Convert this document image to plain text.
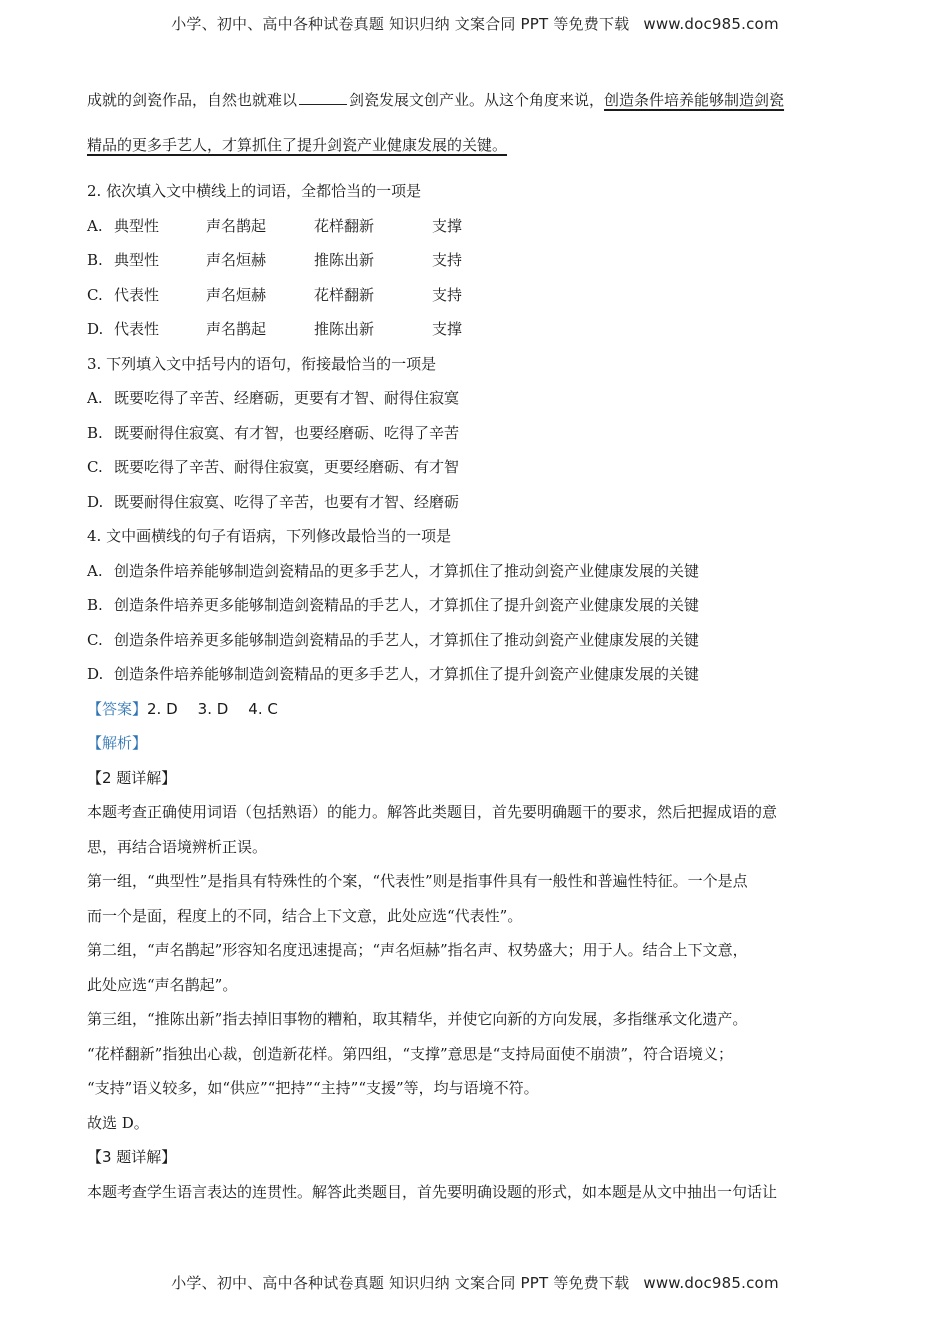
小学、初中、高中各种试卷真题 知识归纳 文案合同 PPT 等免费下载 www.doc985.com
成就的剑瓷作品，自然也就难以	剑瓷发展文创产业。从这个角度来说，创造条件培养能够制造剑瓷
精品的更多手艺人，才算抓住了提升剑瓷产业健康发展的关键。
2. 依次填入文中横线上的词语，全都恰当的一项是
A. 典型性	声名鹊起	花样翻新	支撑
B. 典型性	声名烜赫	推陈出新	支持
C. 代表性	声名烜赫	花样翻新	支持
D. 代表性	声名鹊起	推陈出新	支撑
3. 下列填入文中括号内的语句，衔接最恰当的一项是
A. 既要吃得了辛苦、经磨砺，更要有才智、耐得住寂寞
B. 既要耐得住寂寞、有才智，也要经磨砺、吃得了辛苦
C. 既要吃得了辛苦、耐得住寂寞，更要经磨砺、有才智
D. 既要耐得住寂寞、吃得了辛苦，也要有才智、经磨砺
4. 文中画横线的句子有语病，下列修改最恰当的一项是
A. 创造条件培养能够制造剑瓷精品的更多手艺人，才算抓住了推动剑瓷产业健康发展的关键
B. 创造条件培养更多能够制造剑瓷精品的手艺人，才算抓住了提升剑瓷产业健康发展的关键
C. 创造条件培养更多能够制造剑瓷精品的手艺人，才算抓住了推动剑瓷产业健康发展的关键
D. 创造条件培养能够制造剑瓷精品的更多手艺人，才算抓住了提升剑瓷产业健康发展的关键
【答案】2. D 3. D 4. C
【解析】
【2 题详解】
本题考查正确使用词语（包括熟语）的能力。解答此类题目，首先要明确题干的要求，然后把握成语的意
思，再结合语境辨析正误。
第一组，“典型性”是指具有特殊性的个案，“代表性”则是指事件具有一般性和普遍性特征。一个是点
而一个是面，程度上的不同，结合上下文意，此处应选“代表性”。
第二组，“声名鹊起”形容知名度迅速提高；“声名烜赫”指名声、权势盛大；用于人。结合上下文意，
此处应选“声名鹊起”。
第三组，“推陈出新”指去掉旧事物的糟粕，取其精华，并使它向新的方向发展，多指继承文化遗产。
“花样翻新”指独出心裁，创造新花样。第四组，“支撑”意思是“支持局面使不崩溃”，符合语境义；
“支持”语义较多，如“供应”“把持”“主持”“支援”等，均与语境不符。
故选 D。
【3 题详解】
本题考查学生语言表达的连贯性。解答此类题目，首先要明确设题的形式，如本题是从文中抽出一句话让
小学、初中、高中各种试卷真题 知识归纳 文案合同 PPT 等免费下载 www.doc985.com
